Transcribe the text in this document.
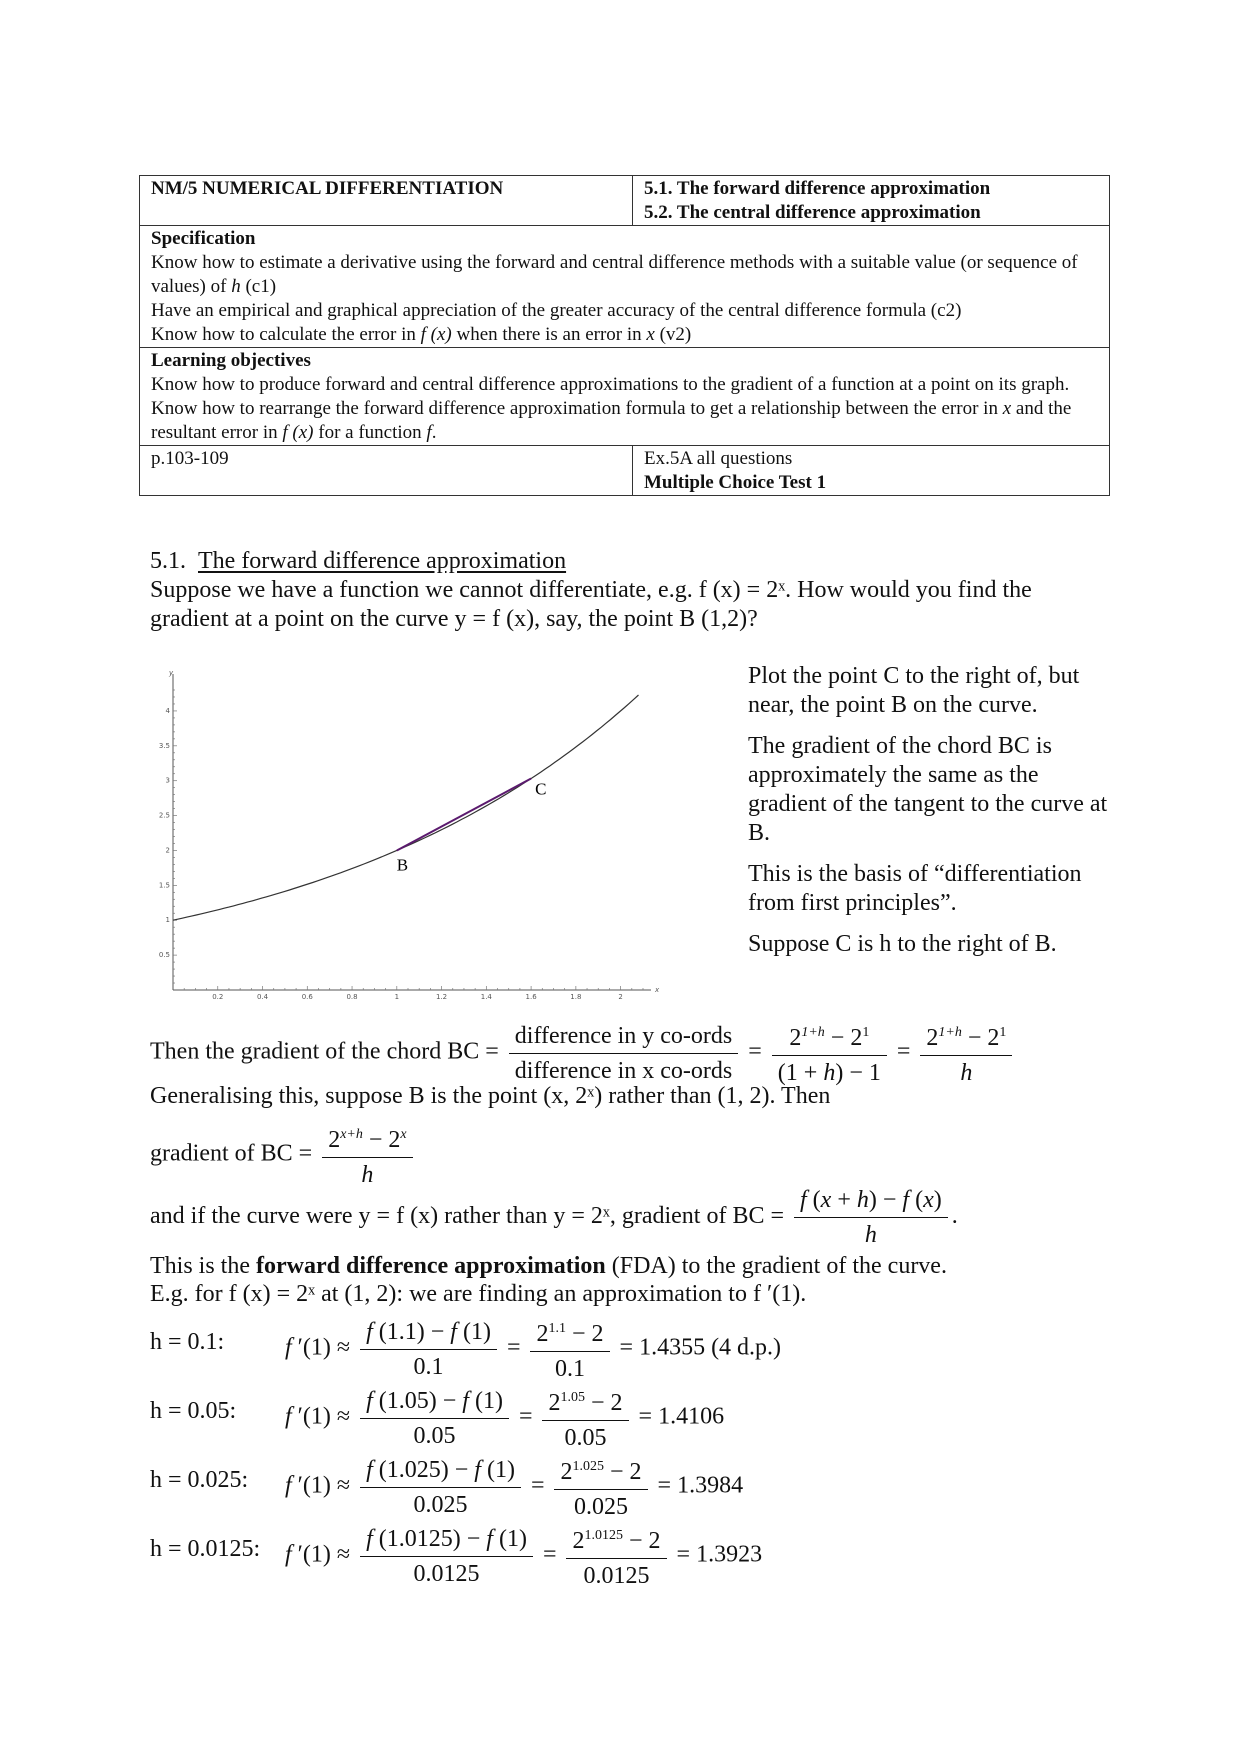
NM/5 NUMERICAL DIFFERENTIATION	5.1. The forward difference approximation
5.2. The central difference approximation

Specification
Know how to estimate a derivative using the forward and central difference methods with a suitable value (or sequence of values) of h (c1)
Have an empirical and graphical appreciation of the greater accuracy of the central difference formula (c2)
Know how to calculate the error in f (x) when there is an error in x (v2)	

Learning objectives
Know how to produce forward and central difference approximations to the gradient of a function at a point on its graph.
Know how to rearrange the forward difference approximation formula to get a relationship between the error in x and the resultant error in f (x) for a function f.	

p.103-109	Ex.5A all questions
Multiple Choice Test 1
5.1. The forward difference approximation
Suppose we have a function we cannot differentiate, e.g. f (x) = 2ˣ. How would you find the
gradient at a point on the curve y = f (x), say, the point B (1,2)?
0.2	0.4	0.6	0.8	1	1.2	1.4	1.6	1.8	2
0.5
1
1.5
2
2.5
3
3.5
4
B
C
x
y	Plot the point C to the right of, but near, the point B on the curve.

The gradient of the chord BC is approximately the same as the gradient of the tangent to the curve at B.

This is the basis of “differentiation from first principles”.

Suppose C is h to the right of B.

Then the gradient of the chord BC = $\frac{\text{difference in y co-ords}}{\text{difference in x co-ords}} = \frac{2^{1+h} - 2^1}{(1 + h) - 1} = \frac{2^{1+h} - 2^1}{h}$
Generalising this, suppose B is the point (x, 2ˣ) rather than (1, 2). Then
gradient of BC = $\frac{2^{x+h} - 2^x}{h}$
and if the curve were y = f (x) rather than y = 2ˣ, gradient of BC = $\frac{f (x + h) - f (x)}{h}$ .
This is the forward difference approximation (FDA) to the gradient of the curve.
E.g. for f (x) = 2ˣ at (1, 2): we are finding an approximation to f ′(1).
h = 0.1:	f $'(1) \approx \frac{f (1.1) - f (1)}{0.1} = \frac{2^{1.1} - 2}{0.1} = 1.4355$ (4 d.p.)
h = 0.05: f $'(1) \approx \frac{f (1.05) - f (1)}{0.05} = \frac{2^{1.05} - 2}{0.05} = 1.4106$
h = 0.025: f $'(1) \approx \frac{f (1.025) - f (1)}{0.025} = \frac{2^{1.025} - 2}{0.025} = 1.3984$
h = 0.0125: f $'(1) \approx \frac{f (1.0125) - f (1)}{0.0125} = \frac{2^{1.0125} - 2}{0.0125} = 1.3923$
